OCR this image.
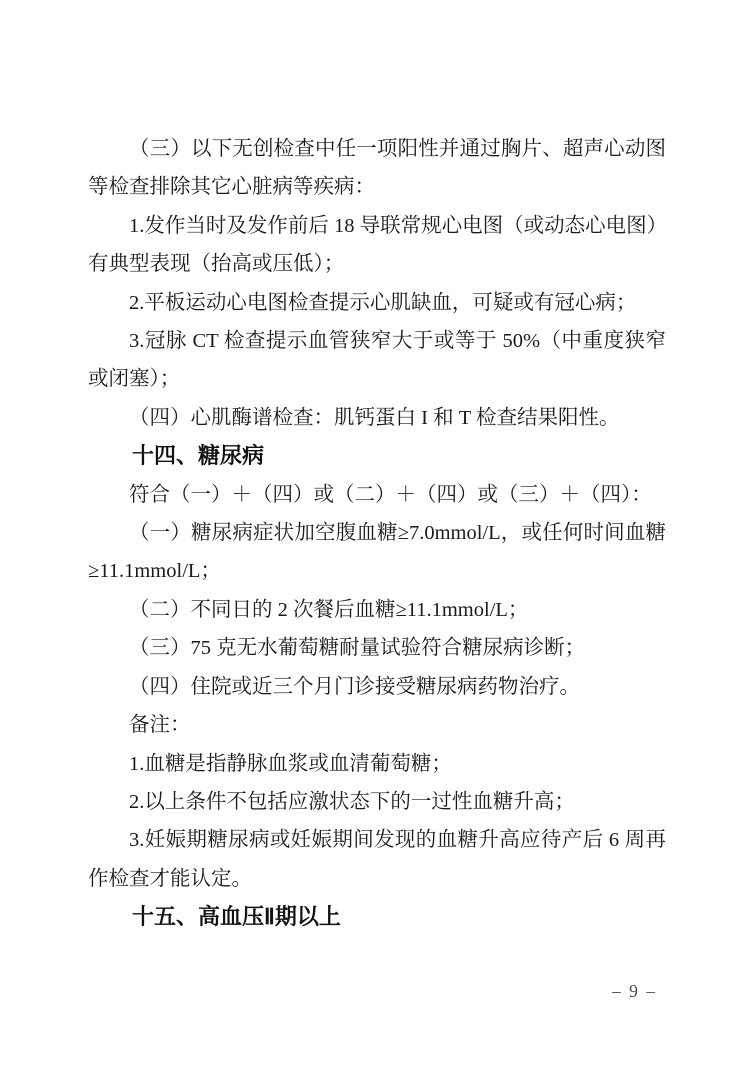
（三）以下无创检查中任一项阳性并通过胸片、超声心动图
等检查排除其它心脏病等疾病：
1.发作当时及发作前后 18 导联常规心电图（或动态心电图）
有典型表现（抬高或压低）；
2.平板运动心电图检查提示心肌缺血，可疑或有冠心病；
3.冠脉 CT 检查提示血管狭窄大于或等于 50%（中重度狭窄
或闭塞）；
（四）心肌酶谱检查：肌钙蛋白 I 和 T 检查结果阳性。
十四、糖尿病
符合（一）＋（四）或（二）＋（四）或（三）＋（四）：
（一）糖尿病症状加空腹血糖≥7.0mmol/L，或任何时间血糖
≥11.1mmol/L；
（二）不同日的 2 次餐后血糖≥11.1mmol/L；
（三）75 克无水葡萄糖耐量试验符合糖尿病诊断；
（四）住院或近三个月门诊接受糖尿病药物治疗。
备注：
1.血糖是指静脉血浆或血清葡萄糖；
2.以上条件不包括应激状态下的一过性血糖升高；
3.妊娠期糖尿病或妊娠期间发现的血糖升高应待产后 6 周再
作检查才能认定。
十五、高血压Ⅱ期以上
– 9 –
